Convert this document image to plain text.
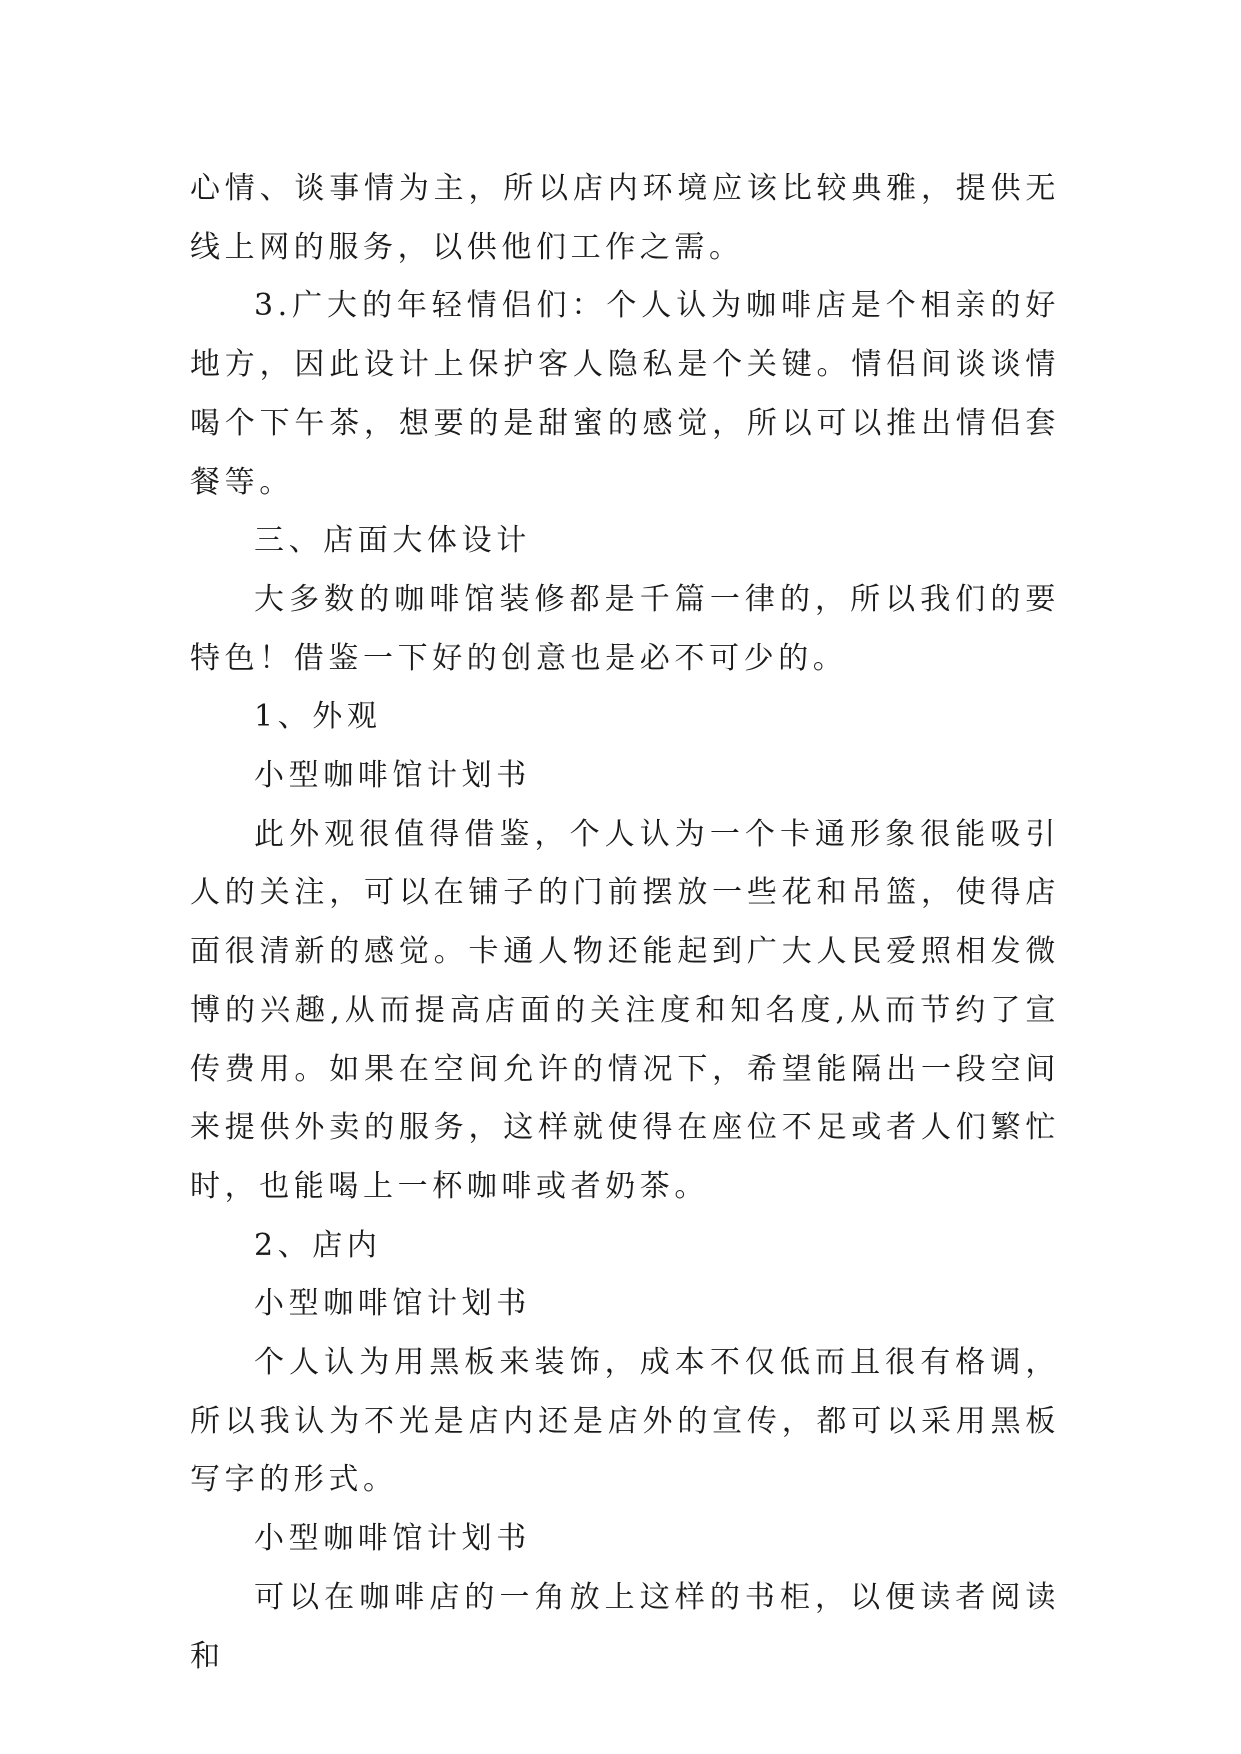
心情、谈事情为主，所以店内环境应该比较典雅，提供无线上网的服务，以供他们工作之需。

3.广大的年轻情侣们：个人认为咖啡店是个相亲的好地方，因此设计上保护客人隐私是个关键。情侣间谈谈情喝个下午茶，想要的是甜蜜的感觉，所以可以推出情侣套餐等。

三、店面大体设计

大多数的咖啡馆装修都是千篇一律的，所以我们的要特色！借鉴一下好的创意也是必不可少的。

1、外观

小型咖啡馆计划书

此外观很值得借鉴，个人认为一个卡通形象很能吸引人的关注，可以在铺子的门前摆放一些花和吊篮，使得店面很清新的感觉。卡通人物还能起到广大人民爱照相发微博的兴趣,从而提高店面的关注度和知名度,从而节约了宣传费用。如果在空间允许的情况下，希望能隔出一段空间来提供外卖的服务，这样就使得在座位不足或者人们繁忙时，也能喝上一杯咖啡或者奶茶。

2、店内

小型咖啡馆计划书

个人认为用黑板来装饰，成本不仅低而且很有格调，所以我认为不光是店内还是店外的宣传，都可以采用黑板写字的形式。

小型咖啡馆计划书

可以在咖啡店的一角放上这样的书柜，以便读者阅读和
